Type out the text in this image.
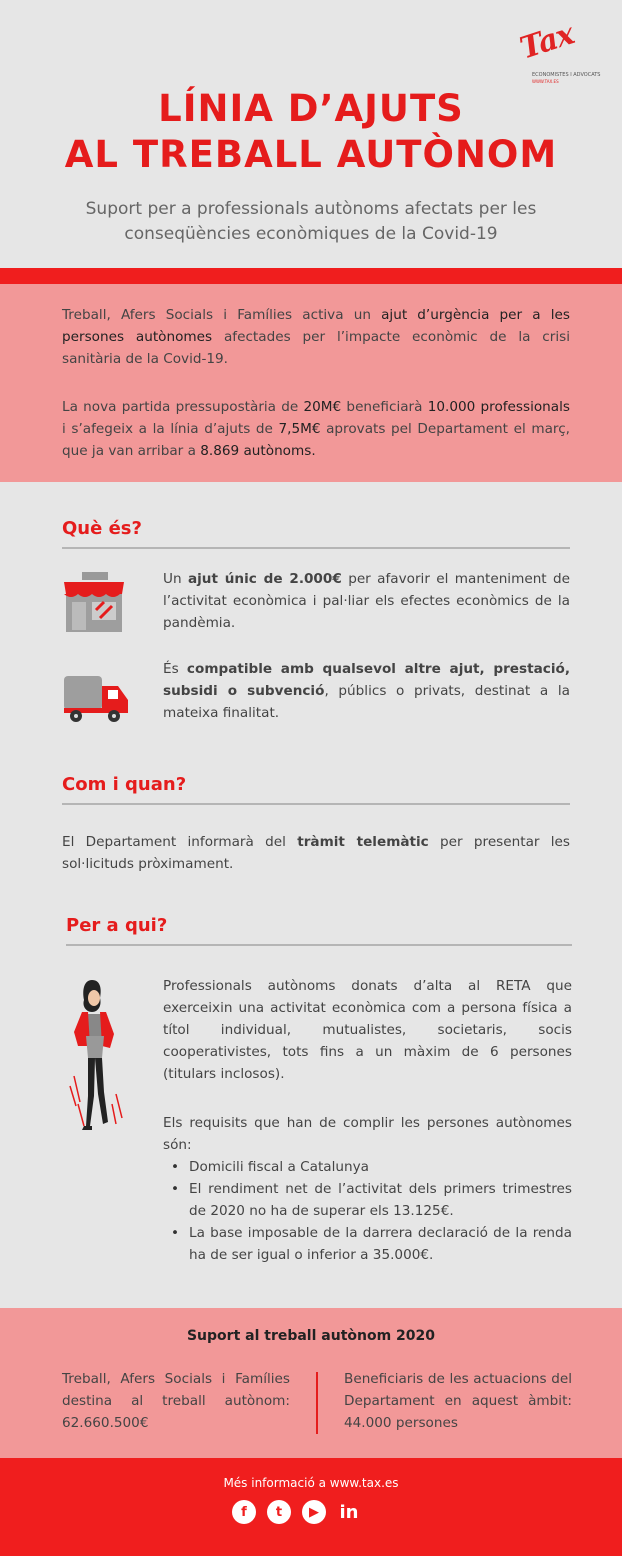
Tax
ECONOMISTES I ADVOCATS
WWW.TAX.ES
LÍNIA D’AJUTS
AL TREBALL AUTÒNOM
Suport per a professionals autònoms afectats per les conseqüències econòmiques de la Covid-19

Treball, Afers Socials i Famílies activa un ajut d’urgència per a les persones autònomes afectades per l’impacte econòmic de la crisi sanitària de la Covid-19.

La nova partida pressupostària de 20M€ beneficiarà 10.000 professionals i s’afegeix a la línia d’ajuts de 7,5M€ aprovats pel Departament el març, que ja van arribar a 8.869 autònoms.

Què és?
Un ajut únic de 2.000€ per afavorir el manteniment de l’activitat econòmica i pal·liar els efectes econòmics de la pandèmia.
És compatible amb qualsevol altre ajut, prestació, subsidi o subvenció, públics o privats, destinat a la mateixa finalitat.
Com i quan?
El Departament informarà del tràmit telemàtic per presentar les sol·licituds pròximament.
Per a qui?
Professionals autònoms donats d’alta al RETA que exerceixin una activitat econòmica com a persona física a títol individual, mutualistes, societaris, socis cooperativistes, tots fins a un màxim de 6 persones (titulars inclosos).
Els requisits que han de complir les persones autònomes són:
• Domicili fiscal a Catalunya
• El rendiment net de l’activitat dels primers trimestres de 2020 no ha de superar els 13.125€.
• La base imposable de la darrera declaració de la renda ha de ser igual o inferior a 35.000€.
Suport al treball autònom 2020
Treball, Afers Socials i Famílies destina al treball autònom: 62.660.500€
Beneficiaris de les actuacions del Departament en aquest àmbit: 44.000 persones
Més informació a www.tax.es
f	t	▶	in
